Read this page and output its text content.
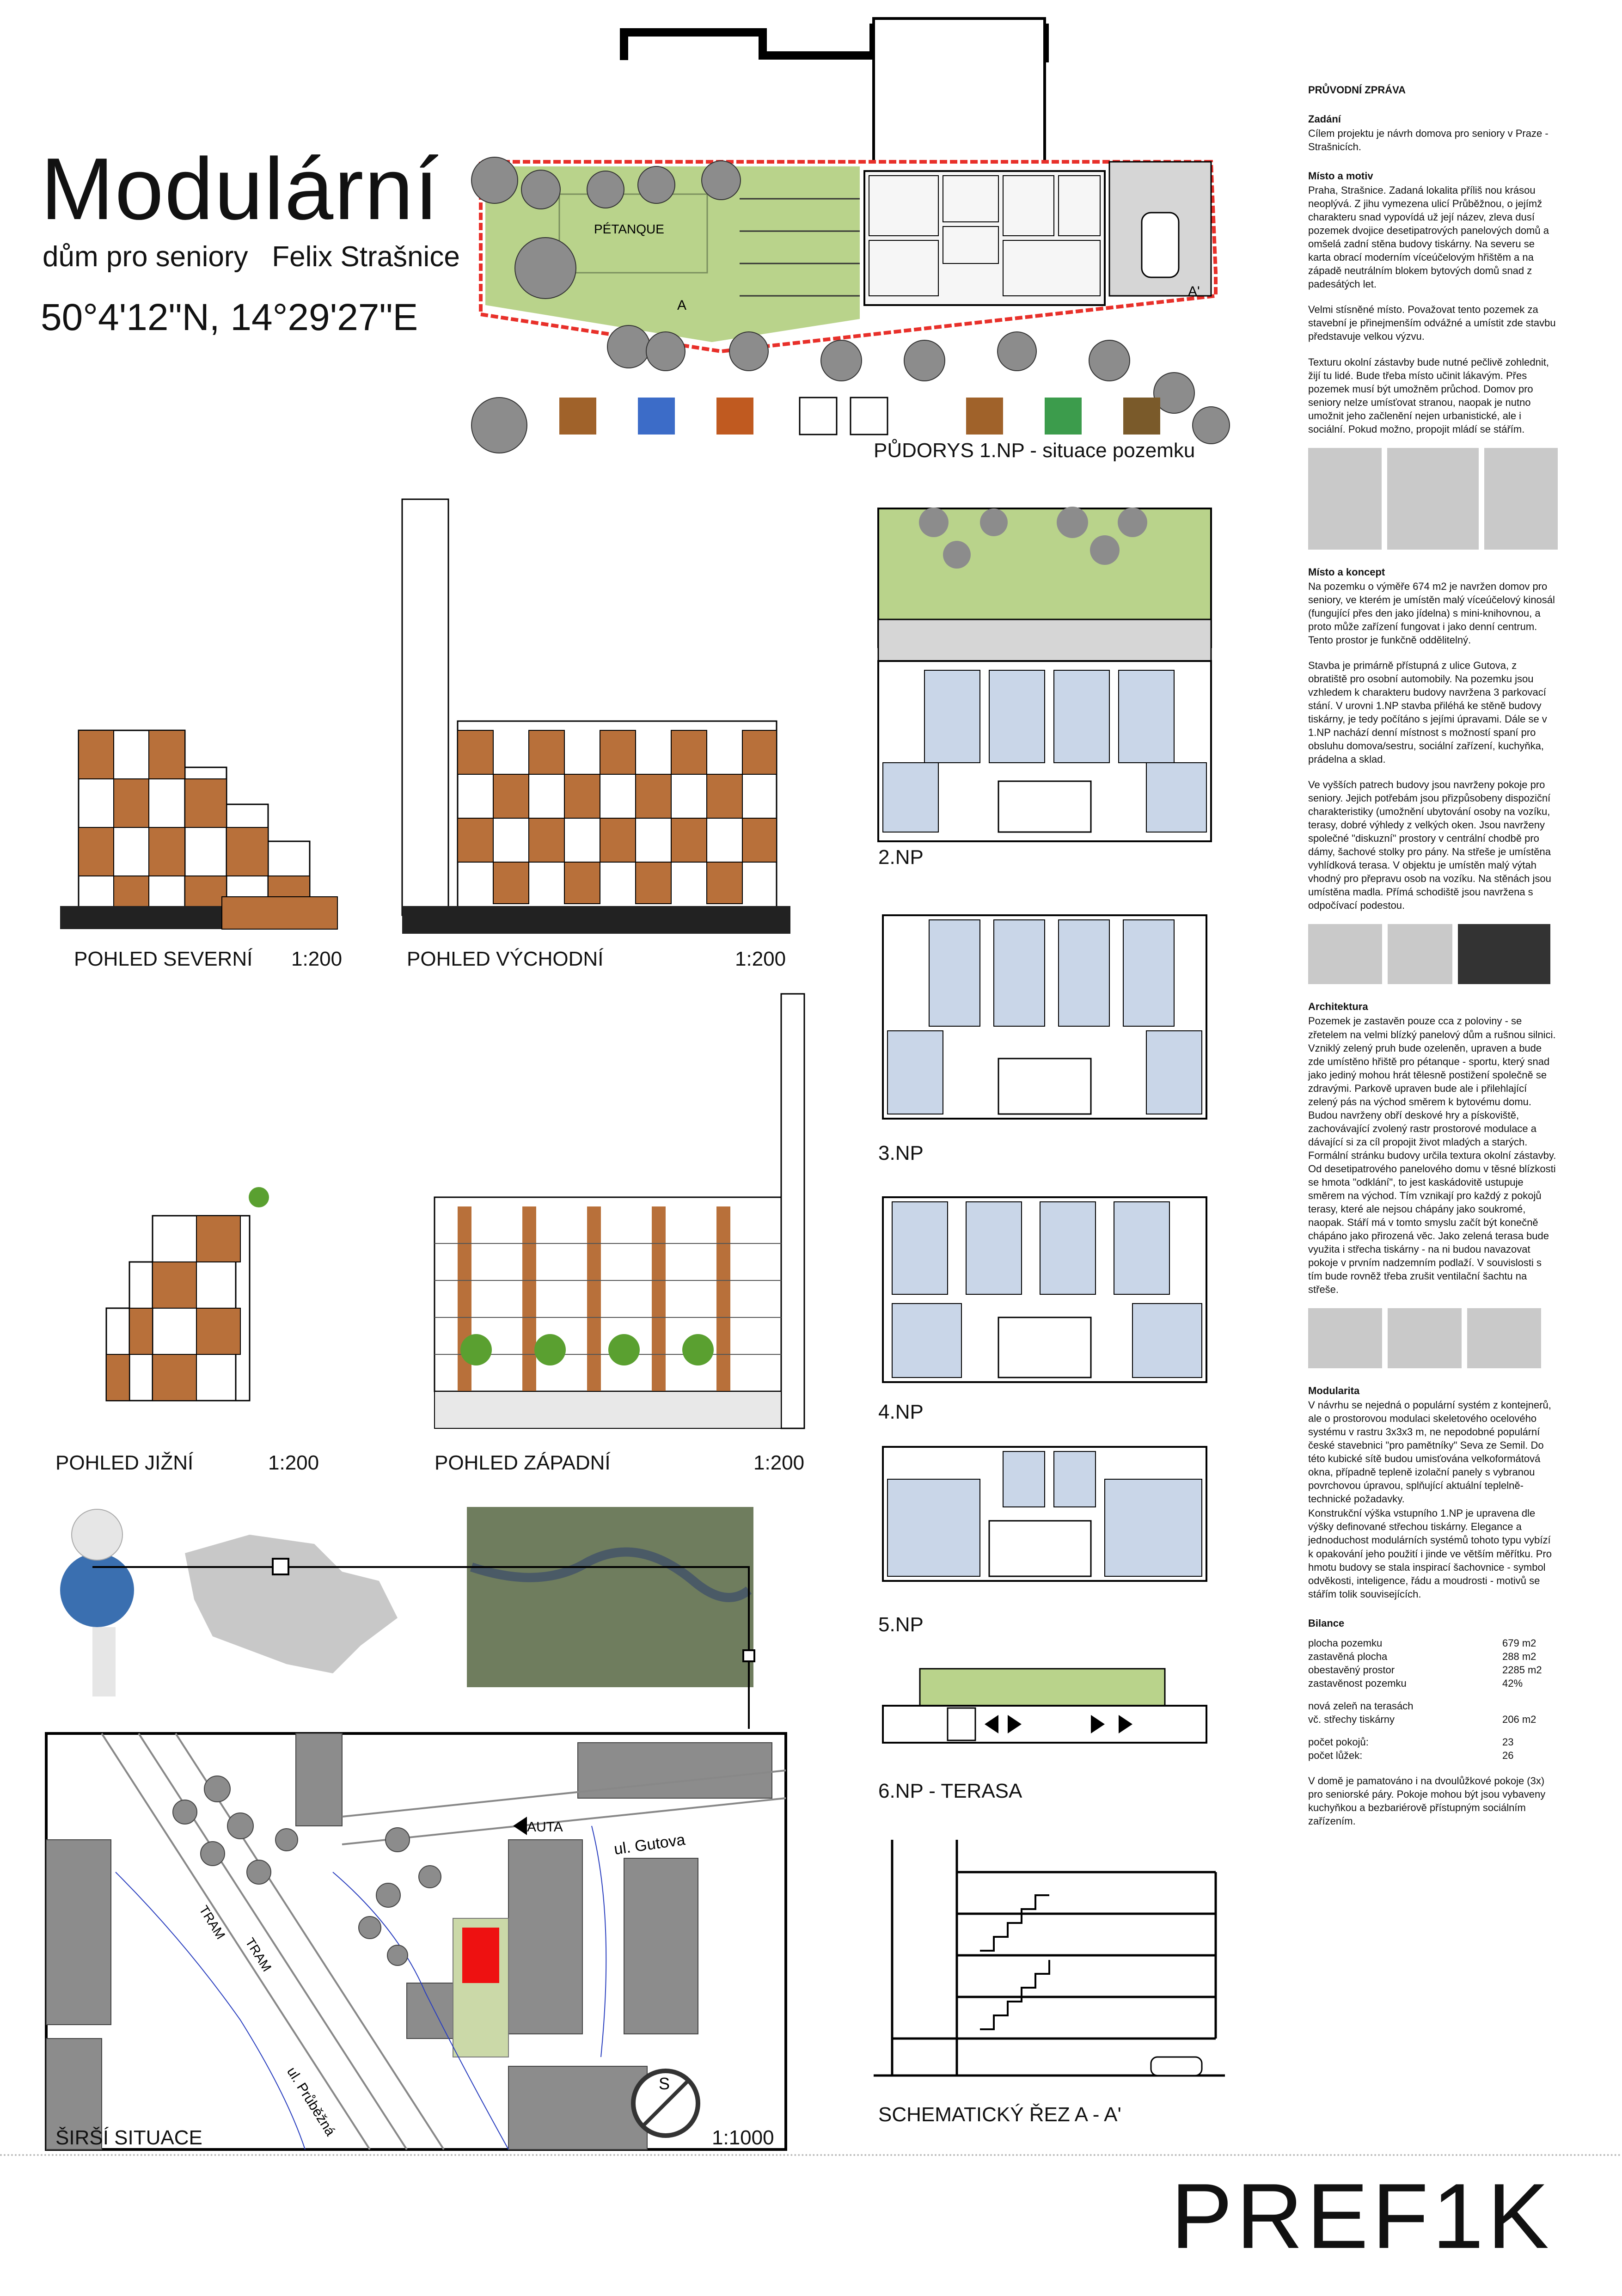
Modulární
dům pro seniory Felix Strašnice
50°4'12"N, 14°29'27"E
PÉTANQUE
A
A'
PŮDORYS 1.NP - situace pozemku
2.NP
3.NP
4.NP
5.NP
6.NP - TERASA
SCHEMATICKÝ ŘEZ A - A'
POHLED SEVERNÍ 1:200	POHLED VÝCHODNÍ	1:200
POHLED JIŽNÍ	1:200	POHLED ZÁPADNÍ	1:200
AUTA
ul. Gutova
ul. Průběžná
TRAM
TRAM
S
ŠIRŠÍ SITUACE	1:1000
PRŮVODNÍ ZPRÁVA
Zadání

Cílem projektu je návrh domova pro seniory v Praze - Strašnicích.

Místo a motiv

Praha, Strašnice. Zadaná lokalita příliš nou krásou neoplývá. Z jihu vymezena ulicí Průběžnou, o jejímž charakteru snad vypovídá už její název, zleva dusí pozemek dvojice desetipatrových panelových domů a omšelá zadní stěna budovy tiskárny. Na severu se karta obrací moderním víceúčelovým hřištěm a na západě neutrálním blokem bytových domů snad z padesátých let.

Velmi stísněné místo. Považovat tento pozemek za stavební je přinejmenším odvážné a umístit zde stavbu představuje velkou výzvu.

Texturu okolní zástavby bude nutné pečlivě zohlednit, žijí tu lidé. Bude třeba místo učinit lákavým. Přes pozemek musí být umožněm průchod. Domov pro seniory nelze umísťovat stranou, naopak je nutno umožnit jeho začlenění nejen urbanistické, ale i sociální. Pokud možno, propojit mládí se stářím.

Místo a koncept

Na pozemku o výměře 674 m2 je navržen domov pro seniory, ve kterém je umístěn malý víceúčelový kinosál (fungující přes den jako jídelna) s mini-knihovnou, a proto může zařízení fungovat i jako denní centrum. Tento prostor je funkčně oddělitelný.

Stavba je primárně přístupná z ulice Gutova, z obratiště pro osobní automobily. Na pozemku jsou vzhledem k charakteru budovy navržena 3 parkovací stání. V urovni 1.NP stavba přiléhá ke stěně budovy tiskárny, je tedy počítáno s jejími úpravami. Dále se v 1.NP nachází denní místnost s možností spaní pro obsluhu domova/sestru, sociální zařízení, kuchyňka, prádelna a sklad.

Ve vyšších patrech budovy jsou navrženy pokoje pro seniory. Jejich potřebám jsou přizpůsobeny dispoziční charakteristiky (umožnění ubytování osoby na vozíku, terasy, dobré výhledy z velkých oken. Jsou navrženy společné "diskuzní" prostory v centrální chodbě pro dámy, šachové stolky pro pány. Na střeše je umístěna vyhlídková terasa. V objektu je umístěn malý výtah vhodný pro přepravu osob na vozíku. Na stěnách jsou umístěna madla. Přímá schodiště jsou navržena s odpočívací podestou.

Architektura

Pozemek je zastavěn pouze cca z poloviny - se zřetelem na velmi blízký panelový dům a rušnou silnici. Vzniklý zelený pruh bude ozeleněn, upraven a bude zde umístěno hřiště pro pétanque - sportu, který snad jako jediný mohou hrát tělesně postižení společně se zdravými. Parkově upraven bude ale i přilehlající zelený pás na východ směrem k bytovému domu. Budou navrženy obří deskové hry a pískoviště, zachovávající zvolený rastr prostorové modulace a dávající si za cíl propojit život mladých a starých. Formální stránku budovy určila textura okolní zástavby. Od desetipatrového panelového domu v těsné blízkosti se hmota "odklání", to jest kaskádovitě ustupuje směrem na východ. Tím vznikají pro každý z pokojů terasy, které ale nejsou chápány jako soukromé, naopak. Stáří má v tomto smyslu začít být konečně chápáno jako přirozená věc. Jako zelená terasa bude využita i střecha tiskárny - na ni budou navazovat pokoje v prvním nadzemním podlaží. V souvislosti s tím bude rovněž třeba zrušit ventilační šachtu na střeše.

Modularita

V návrhu se nejedná o populární systém z kontejnerů, ale o prostorovou modulaci skeletového ocelového systému v rastru 3x3x3 m, ne nepodobné populární české stavebnici "pro pamětníky" Seva ze Semil. Do této kubické sítě budou umisťována velkoformátová okna, případně tepleně izolační panely s vybranou povrchovou úpravou, splňující aktuální teplelně-technické požadavky.

Konstrukční výška vstupního 1.NP je upravena dle výšky definované střechou tiskárny. Elegance a jednoduchost modulárních systémů tohoto typu vybízí k opakování jeho použití i jinde ve větším měřítku. Pro hmotu budovy se stala inspirací šachovnice - symbol odvěkosti, inteligence, řádu a moudrosti - motivů se stářím tolik souvisejících.

Bilance
plocha pozemku	679 m2
zastavěná plocha	288 m2
obestavěný prostor	2285 m2
zastavěnost pozemku	42%

nová zeleň na terasách	
vč. střechy tiskárny	206 m2

počet pokojů:	23
počet lůžek:	26

V domě je pamatováno i na dvoulůžkové pokoje (3x) pro seniorské páry. Pokoje mohou být jsou vybaveny kuchyňkou a bezbariérově přístupným sociálním zařízením.

PREF1K
